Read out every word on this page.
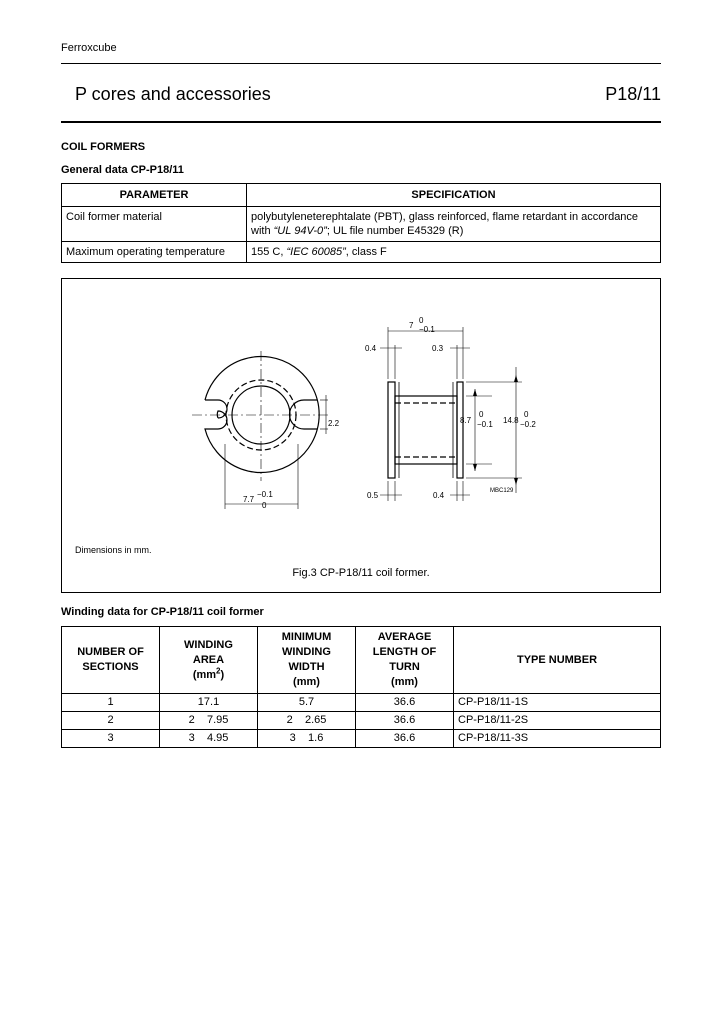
Ferroxcube
P cores and accessories	P18/11
COIL FORMERS
General data CP-P18/11
PARAMETER	SPECIFICATION
Coil former material	polybutyleneterephtalate (PBT), glass reinforced, flame retardant in accordance
with “UL 94V-0”; UL file number E45329 (R)
Maximum operating temperature	155 C, “IEC 60085”, class F
7
0
−0.1
0.4	0.3
2.2	8.7
0
−0.1 14.8
0
−0.2
0.5	0.4
7.7
−0.1
0
MBC129
Dimensions in mm.
Fig.3 CP-P18/11 coil former.
Winding data for CP-P18/11 coil former
NUMBER OF
SECTIONS	WINDING
AREA
$(mm^2)$	MINIMUM
WINDING
WIDTH
(mm)	AVERAGE
LENGTH OF
TURN
(mm)	TYPE NUMBER
1	17.1	5.7	36.6	CP-P18/11-1S
2	2    7.95	2    2.65	36.6	CP-P18/11-2S
3	3    4.95	3    1.6	36.6	CP-P18/11-3S
